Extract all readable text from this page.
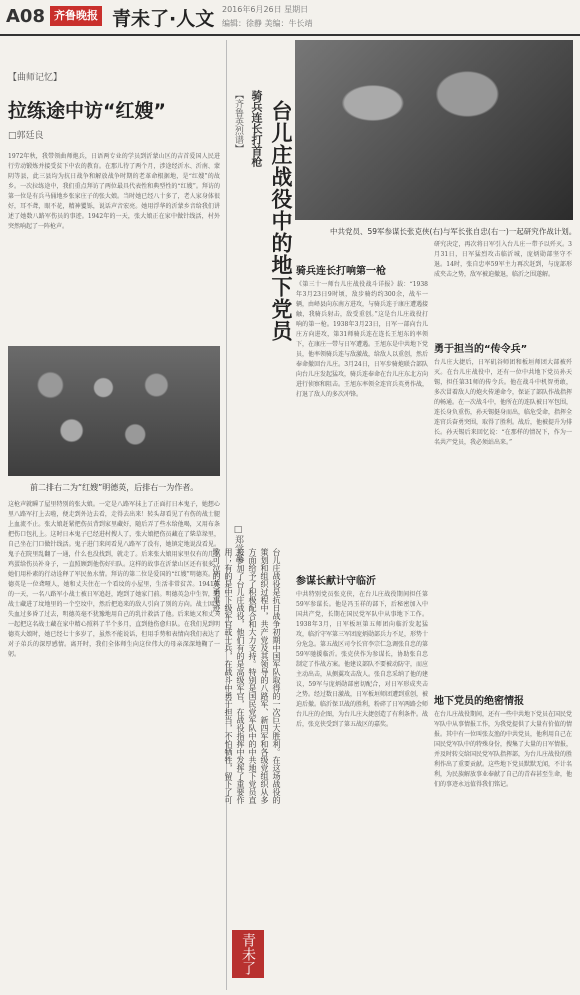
A08 齐鲁晚报 青未了·人文 2016年6月26日 星期日
编辑：徐静 美编：牛长靖
【曲师记忆】
拉练途中访“红嫂”
□郭廷良
1972年秋，我带领曲师炮兵，日语两专业的学员到沂蒙山区的吉首爱国人民进行劳动锻炼并接受贫下中农的教育。在那儿待了两个月，涉途经沂水、沂南、蒙阴等县，此三县均为抗日战争和解放战争时期的老革命根据地，是“红嫂”的故乡。一次拉练途中，我们重点拜访了两位最具代表性和典型性的“红嫂”。拜访的第一位是有兵马俑地乡张家庄子的张大娘。当时她已经八十多了，老人家身体很好，耳不聋，眼不花，精神矍铄，说话声音宏亮。她用浮华的沂蒙乡音给我们讲述了她数八路军伤员的事迹。1942年的一天，张大娘正在家中做针线活，村外突然响起了一阵枪声。
前二排右二为“红嫂”明德英，后排右一为作者。
这枪声就瞬了屋里特别的张大娘。一定是八路军抹上了正面打日本鬼子，她想心里八路军打上去啦，便走到外边去看，走得去出来！转头却看见了有伤的战士腿上血流不止。张大娘赶紧把伤员背到家里藏好，随后弄了些水给他喝，又用布条把伤口包扎上。这时日本鬼子已经进村搜人了，张大娘把伤员藏在了柴草垛里，自己坐在门口做针线活。鬼子进门来问看见八路军了没有，她镇定地说没看见。鬼子在院里乱翻了一通，什么也没找到，就走了。后来张大娘用家里仅有的几个鸡蛋给伤员补身子，一直照顾到他伤好归队。这样的故事在沂蒙山区还有很多，她们用朴素的行动诠释了军民鱼水情。拜访的第二位是爱国的“红嫂”明德英。明德英是一位聋哑人，她和丈夫住在一个看坟的小屋里，生活非常贫苦。1941年的一天，一名八路军小战士被日军追赶，跑到了她家门前。明德英急中生智，把战士藏进了坟地里的一个空坟中，然后把追来的敌人引向了别的方向。战士因为失血过多昏了过去，明德英毫不犹豫地用自己的乳汁救活了他。后来她又和丈夫一起把这名战士藏在家中精心照料了半个多月，直到他伤愈归队。在我们见到明德英大娘时，她已经七十多岁了，虽然不能说话，但用手势和表情向我们表达了对子弟兵的深厚感情。离开时，我们全体师生向这位伟大的母亲深深地鞠了一躬。
【齐鲁英烈谱】 骑兵连长打首枪 台儿庄战役中的地下党员
□郑学富
台儿庄战役是抗日战争初期中国军队取得的一次巨大胜利。在这场战役的策划和组织过程中，共产党及其领导的八路军、新四军和各级党组织从多方面给予了积极配合和大力支持。特别是国民党军队中的中共地下党员直接参加了台儿庄战役，他们有的是高级军官，在战役指挥中发挥了重要作用；有的是中下级军官或士兵，在战斗中勇于担当，不怕牺牲，留下了可歌可泣的英勇事迹。
青未了
中共党员、59军参谋长张克侠(右)与军长张自忠(右一)一起研究作战计划。
骑兵连长打响第一枪
《第三十一师台儿庄战役战斗详报》载：“1938年3月23日9时顷，敌步骑约约300余，战车一辆，由峄县向东南方进攻，与骑兵连于康庄遭遇接触，我骑兵射击，敌受重创。”这是台儿庄战役打响的第一枪。1938年3月23日，日军一部向台儿庄方向进攻，第31师骑兵连在连长王旭东的率领下，在康庄一带与日军遭遇。王旭东是中共地下党员，他率领骑兵连与敌激战，给敌人以重创，然后奉命撤回台儿庄。3月24日，日军步骑炮联合部队向台儿庄发起猛攻，骑兵连奉命在台儿庄东北方向进行侦察和阻击。王旭东率领全连官兵英勇作战，打退了敌人的多次冲锋。
参谋长献计守临沂
中共特别党员张克侠，在台儿庄战役期间担任第59军参谋长。他是冯玉祥的部下，后秘密加入中国共产党，长期在国民党军队中从事地下工作。1938年3月，日军板垣第五师团向临沂发起猛攻，临沂守军第三军团庞炳勋部兵力不足，形势十分危急。第五战区司令长官李宗仁急调张自忠的第59军驰援临沂。张克侠作为参谋长，协助张自忠制定了作战方案。他建议部队不要被动防守，而应主动出击，从侧翼攻击敌人。张自忠采纳了他的建议，59军与庞炳勋部密切配合，对日军形成夹击之势。经过数日激战，日军板垣师团遭到重创，被迫后撤。临沂保卫战的胜利，粉碎了日军两路会师台儿庄的企图，为台儿庄大捷创造了有利条件。战后，张克侠受到了第五战区的嘉奖。
研究决定，再次将日军引入台儿庄一带予以歼灭。3月31日，日军猛烈攻击临沂城，庞炳勋部坚守不退。14时，张自忠率59军主力再次赶到，与庞部形成夹击之势，敌军被迫撤退，临沂之围遂解。
勇于担当的“传令兵”
台儿庄大捷后，日军矶谷师团和板垣师团大部被歼灭。在台儿庄战役中，还有一位中共地下党员孙天锡，担任第31师的传令兵。他在战斗中机智勇敢，多次冒着敌人的炮火传递命令，保证了部队作战指挥的畅通。在一次战斗中，他所在的连队被日军包围，连长身负重伤，孙天锡挺身而出，临危受命，指挥全连官兵奋勇突围，取得了胜利。战后，他被提升为排长。孙天锡后来回忆说：“在那样的情况下，作为一名共产党员，我必须站出来。”
地下党员的绝密情报
在台儿庄战役期间，还有一些中共地下党员在国民党军队中从事情报工作，为我党提供了大量有价值的情报。其中有一位叫张友渔的中共党员，他利用自己在国民党军队中的特殊身份，搜集了大量的日军情报，并及时转交给国民党军队指挥部，为台儿庄战役的胜利作出了重要贡献。这些地下党员默默无闻，不计名利，为民族解放事业奉献了自己的青春甚至生命，他们的事迹永远值得我们铭记。
